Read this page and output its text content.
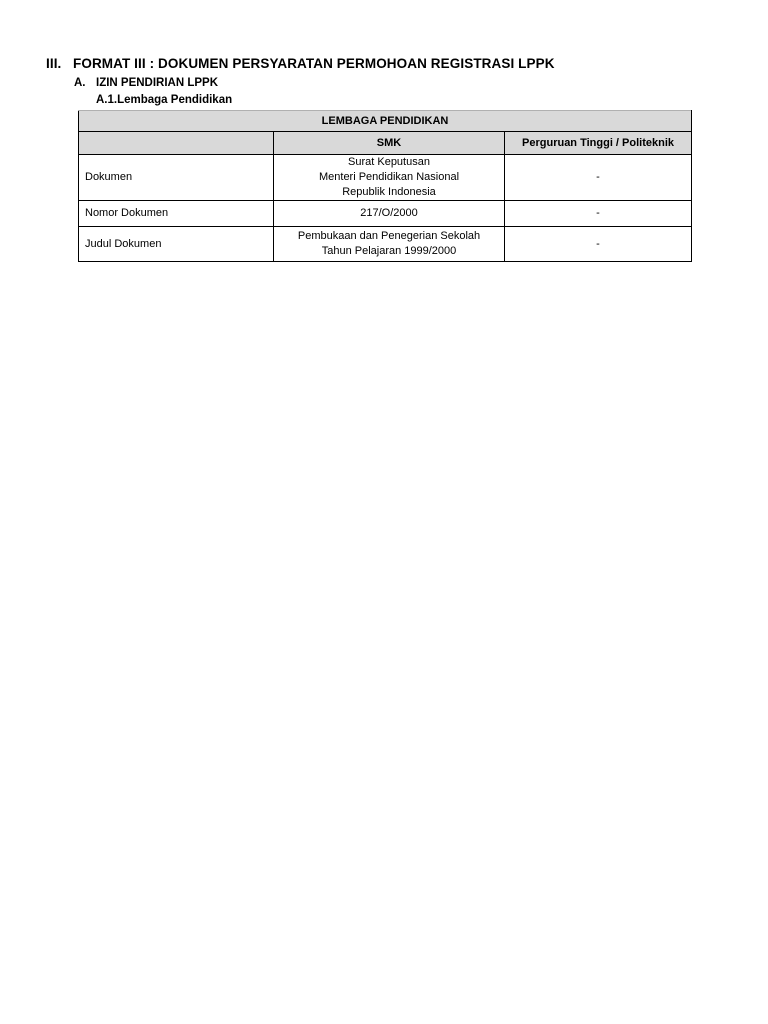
III. FORMAT III : DOKUMEN PERSYARATAN PERMOHOAN REGISTRASI LPPK
A. IZIN PENDIRIAN LPPK
A.1.Lembaga Pendidikan
LEMBAGA PENDIDIKAN		
	SMK	Perguruan Tinggi / Politeknik
Dokumen	Surat Keputusan
Menteri Pendidikan Nasional
Republik Indonesia	-
Nomor Dokumen	217/O/2000	-
Judul Dokumen	Pembukaan dan Penegerian Sekolah
Tahun Pelajaran 1999/2000	-
